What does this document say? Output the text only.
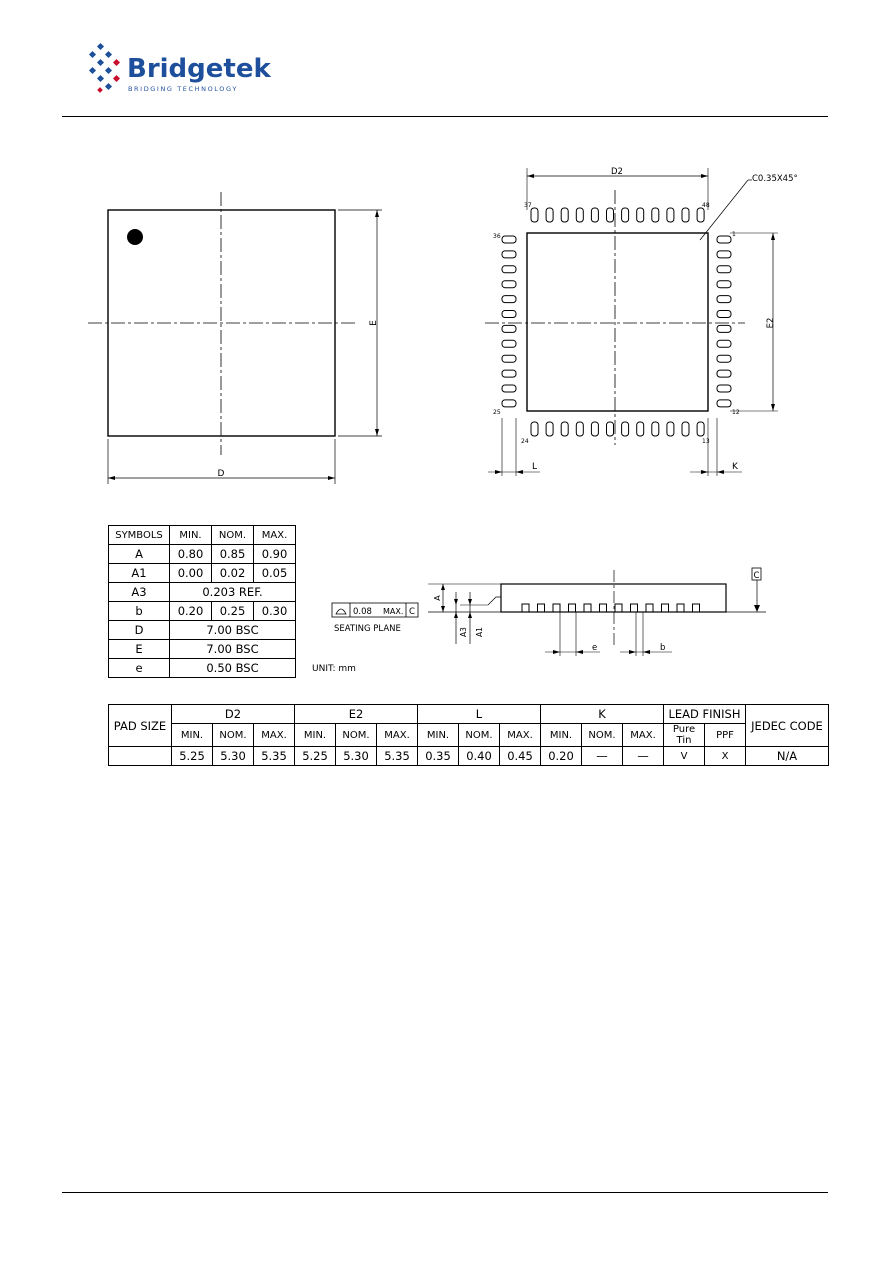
Bridgetek
BRIDGING TECHNOLOGY
E
D
C0.35X45°
D2
E2
37	48
1
36
25	12
24	13
L	K
SYMBOLS	MIN.	NOM.	MAX.
A	0.80	0.85	0.90
A1	0.00	0.02	0.05
A3	0.203 REF.		
b	0.20	0.25	0.30
D	7.00 BSC		
E	7.00 BSC		
e	0.50 BSC			UNIT: mm
0.08 MAX. C
SEATING PLANE
A
A3 A1
e	b
C
PAD SIZE	D2			E2			L			K			LEAD FINISH		JEDEC CODE
	MIN.	NOM.	MAX.	MIN.	NOM.	MAX.	MIN.	NOM.	MAX.	MIN.	NOM.	MAX.	Pure Tin	PPF	
	5.25	5.30	5.35	5.25	5.30	5.35	0.35	0.40	0.45	0.20	—	—	V	X	N/A
